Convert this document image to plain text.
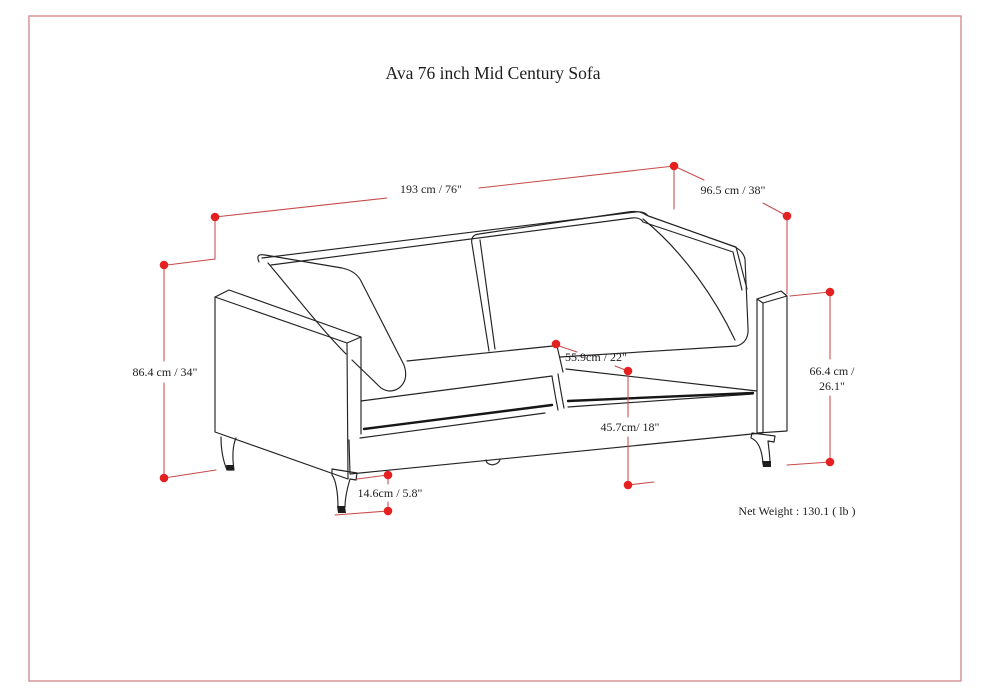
Ava 76 inch Mid Century Sofa
193 cm / 76"	96.5 cm / 38"
86.4 cm / 34"	66.4 cm /
26.1"
55.9cm / 22"
45.7cm/ 18"
14.6cm / 5.8"
Net Weight : 130.1 ( lb )
